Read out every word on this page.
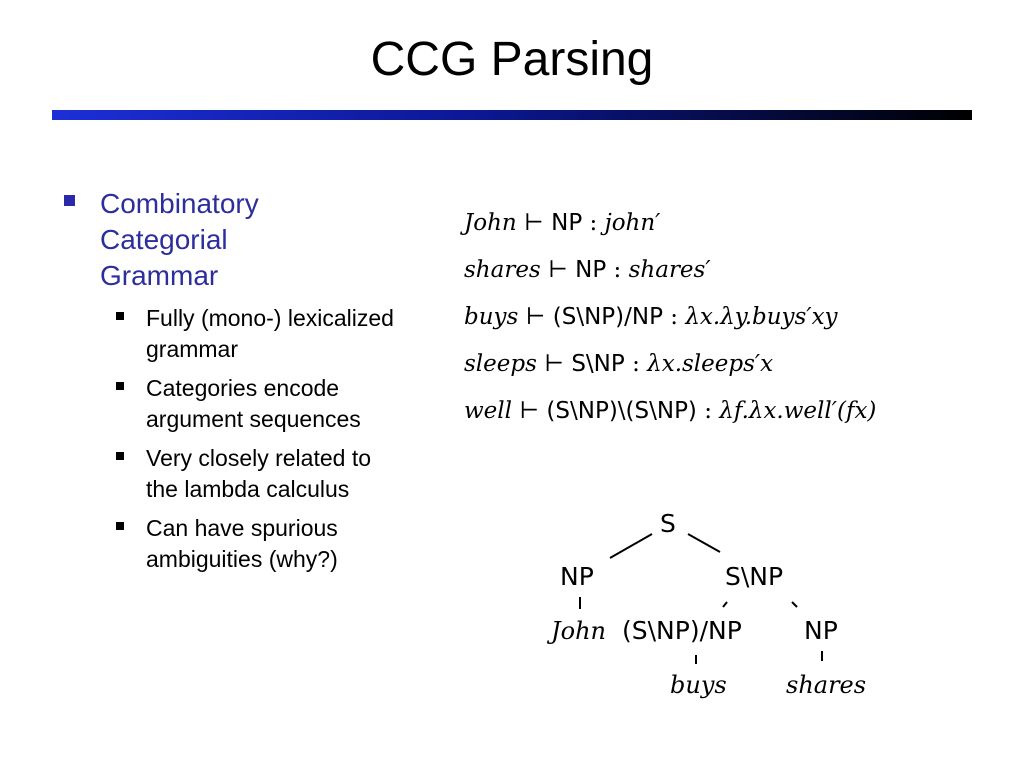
CCG Parsing
Combinatory Categorial Grammar
Fully (mono-) lexicalized grammar
Categories encode argument sequences
Very closely related to the lambda calculus
Can have spurious ambiguities (why?)
John ⊢ NP : john′
shares ⊢ NP : shares′
buys ⊢ (S\NP)/NP : λx.λy.buys′xy
sleeps ⊢ S\NP : λx.sleeps′x
well ⊢ (S\NP)\(S\NP) : λf.λx.well′(fx)
S
NP	S\NP
John (S\NP)/NP NP
buys shares
